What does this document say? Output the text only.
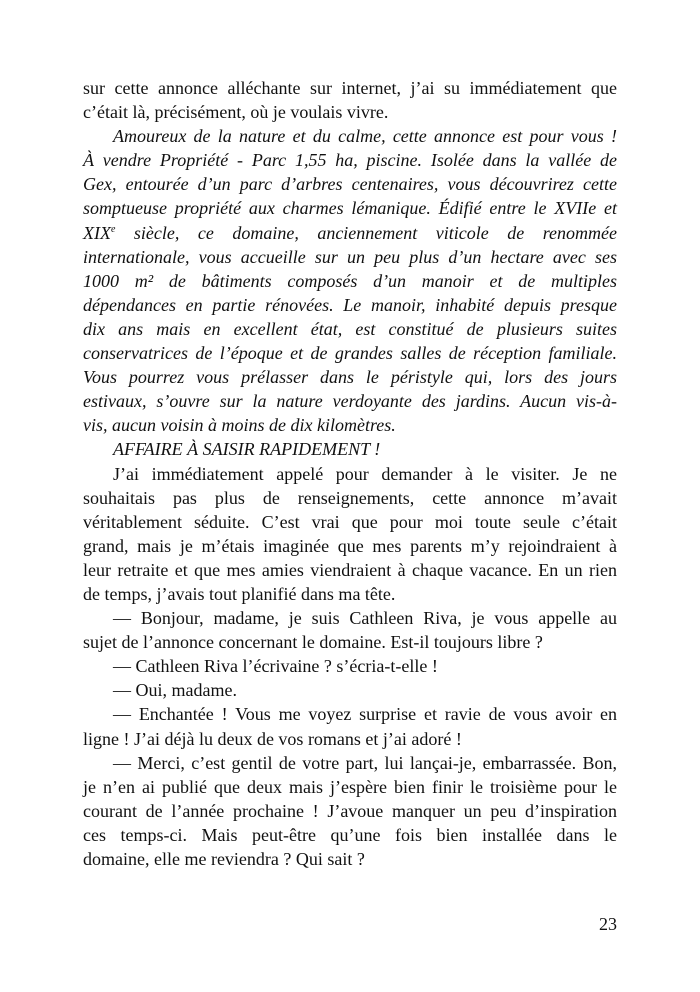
sur cette annonce alléchante sur internet, j’ai su immédiatement que
c’était là, précisément, où je voulais vivre.
Amoureux de la nature et du calme, cette annonce est pour vous !
À vendre Propriété - Parc 1,55 ha, piscine. Isolée dans la vallée de
Gex, entourée d’un parc d’arbres centenaires, vous découvrirez cette
somptueuse propriété aux charmes lémanique. Édifié entre le XVIIe et
XIXe siècle, ce domaine, anciennement viticole de renommée
internationale, vous accueille sur un peu plus d’un hectare avec ses
1000 m² de bâtiments composés d’un manoir et de multiples
dépendances en partie rénovées. Le manoir, inhabité depuis presque
dix ans mais en excellent état, est constitué de plusieurs suites
conservatrices de l’époque et de grandes salles de réception familiale.
Vous pourrez vous prélasser dans le péristyle qui, lors des jours
estivaux, s’ouvre sur la nature verdoyante des jardins. Aucun vis-à-
vis, aucun voisin à moins de dix kilomètres.
AFFAIRE À SAISIR RAPIDEMENT !
J’ai immédiatement appelé pour demander à le visiter. Je ne
souhaitais pas plus de renseignements, cette annonce m’avait
véritablement séduite. C’est vrai que pour moi toute seule c’était
grand, mais je m’étais imaginée que mes parents m’y rejoindraient à
leur retraite et que mes amies viendraient à chaque vacance. En un rien
de temps, j’avais tout planifié dans ma tête.
— Bonjour, madame, je suis Cathleen Riva, je vous appelle au
sujet de l’annonce concernant le domaine. Est-il toujours libre ?
— Cathleen Riva l’écrivaine ? s’écria-t-elle !
— Oui, madame.
— Enchantée ! Vous me voyez surprise et ravie de vous avoir en
ligne ! J’ai déjà lu deux de vos romans et j’ai adoré !
— Merci, c’est gentil de votre part, lui lançai-je, embarrassée. Bon,
je n’en ai publié que deux mais j’espère bien finir le troisième pour le
courant de l’année prochaine ! J’avoue manquer un peu d’inspiration
ces temps-ci. Mais peut-être qu’une fois bien installée dans le
domaine, elle me reviendra ? Qui sait ?
23
